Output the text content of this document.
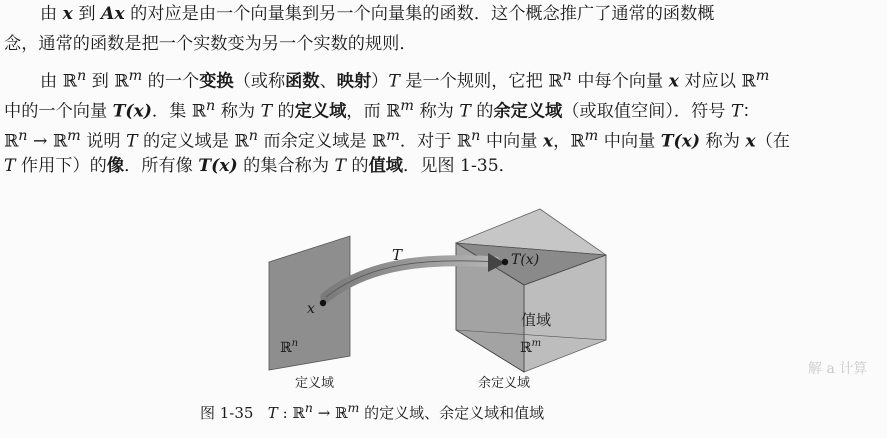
由 x 到 Ax 的对应是由一个向量集到另一个向量集的函数．这个概念推广了通常的函数概
念，通常的函数是把一个实数变为另一个实数的规则．
由 ℝ$^n$ 到 ℝ$^m$ 的一个变换（或称函数、映射）T 是一个规则，它把 ℝ$^n$ 中每个向量 x 对应以 ℝ$^m$
中的一个向量 T(x)．集 ℝ$^n$ 称为 T 的定义域，而 ℝ$^m$ 称为 T 的余定义域（或取值空间）．符号 T：
ℝ$^n$ → ℝ$^m$ 说明 T 的定义域是 ℝ$^n$ 而余定义域是 ℝ$^m$．对于 ℝ$^n$ 中向量 x，ℝ$^m$ 中向量 T(x) 称为 x（在
T 作用下）的像．所有像 T(x) 的集合称为 T 的值域．见图 1-35．
解 a 计算
T
x
T(x)
ℝ$^n$
值域
ℝ$^m$
定义域	余定义域
图 1-35 T : ℝ$^n$ → ℝ$^m$ 的定义域、余定义域和值域
